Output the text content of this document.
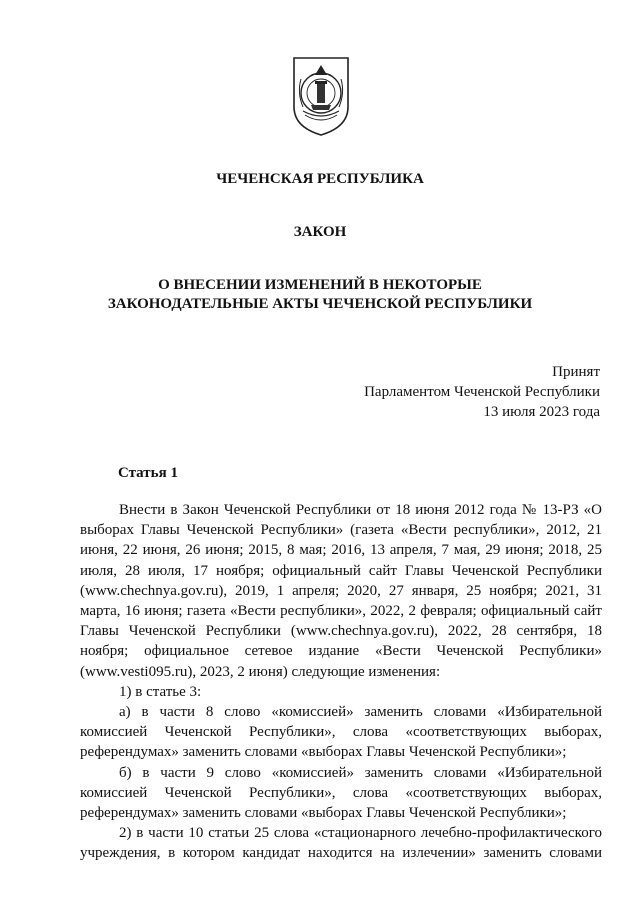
ЧЕЧЕНСКАЯ РЕСПУБЛИКА
ЗАКОН
О ВНЕСЕНИИ ИЗМЕНЕНИЙ В НЕКОТОРЫЕ
ЗАКОНОДАТЕЛЬНЫЕ АКТЫ ЧЕЧЕНСКОЙ РЕСПУБЛИКИ
Принят
Парламентом Чеченской Республики
13 июля 2023 года
Статья 1

Внести в Закон Чеченской Республики от 18 июня 2012 года № 13-РЗ «О выборах Главы Чеченской Республики» (газета «Вести республики», 2012, 21 июня, 22 июня, 26 июня; 2015, 8 мая; 2016, 13 апреля, 7 мая, 29 июня; 2018, 25 июля, 28 июля, 17 ноября; официальный сайт Главы Чеченской Республики (www.chechnya.gov.ru), 2019, 1 апреля; 2020, 27 января, 25 ноября; 2021, 31 марта, 16 июня; газета «Вести республики», 2022, 2 февраля; официальный сайт Главы Чеченской Республики (www.chechnya.gov.ru), 2022, 28 сентября, 18 ноября; официальное сетевое издание «Вести Чеченской Республики» (www.vesti095.ru), 2023, 2 июня) следующие изменения:

1) в статье 3:

а) в части 8 слово «комиссией» заменить словами «Избирательной комиссией Чеченской Республики», слова «соответствующих выборах, референдумах» заменить словами «выборах Главы Чеченской Республики»;

б) в части 9 слово «комиссией» заменить словами «Избирательной комиссией Чеченской Республики», слова «соответствующих выборах, референдумах» заменить словами «выборах Главы Чеченской Республики»;

2) в части 10 статьи 25 слова «стационарного лечебно-профилактического учреждения, в котором кандидат находится на излечении» заменить словами
